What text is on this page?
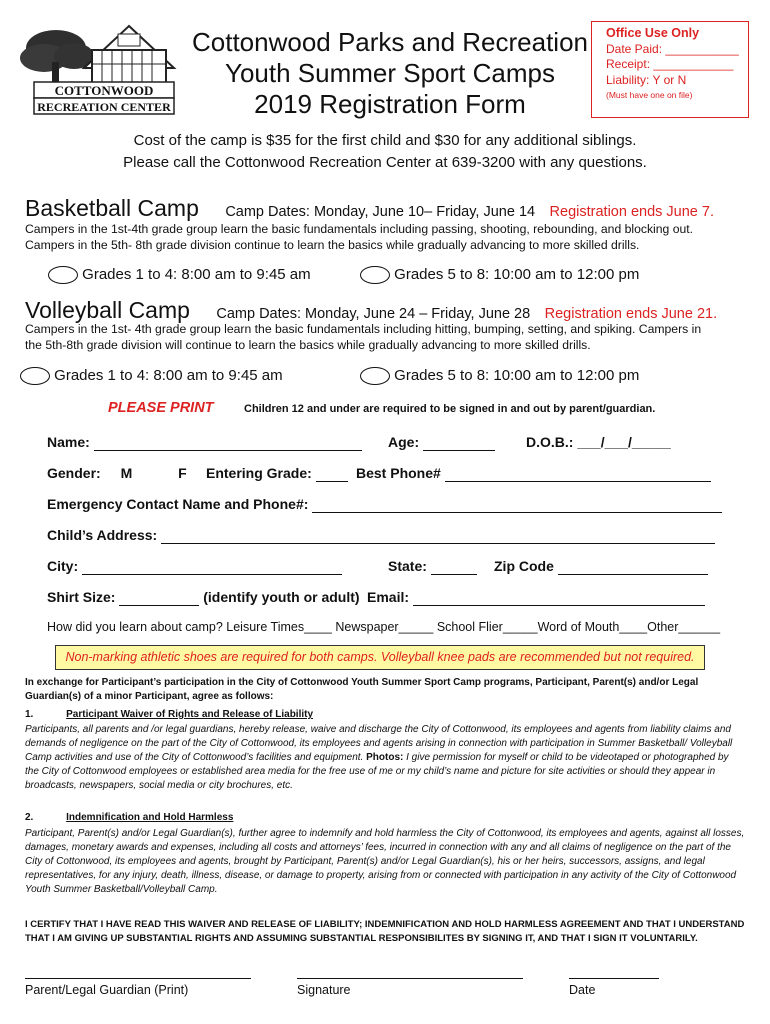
COTTONWOOD
RECREATION CENTER
Cottonwood Parks and Recreation
Youth Summer Sport Camps
2019 Registration Form
Office Use Only
Date Paid: ___________
Receipt: ____________
Liability: Y or N
(Must have one on file)
Cost of the camp is $35 for the first child and $30 for any additional siblings.
Please call the Cottonwood Recreation Center at 639-3200 with any questions.
Basketball Camp Camp Dates: Monday, June 10– Friday, June 14 Registration ends June 7.
Campers in the 1st-4th grade group learn the basic fundamentals including passing, shooting, rebounding, and blocking out.
Campers in the 5th- 8th grade division continue to learn the basics while gradually advancing to more skilled drills.
Grades 1 to 4: 8:00 am to 9:45 am	Grades 5 to 8: 10:00 am to 12:00 pm
Volleyball Camp Camp Dates: Monday, June 24 – Friday, June 28 Registration ends June 21.
Campers in the 1st- 4th grade group learn the basic fundamentals including hitting, bumping, setting, and spiking. Campers in
the 5th-8th grade division will continue to learn the basics while gradually advancing to more skilled drills.
Grades 1 to 4: 8:00 am to 9:45 am	Grades 5 to 8: 10:00 am to 12:00 pm
PLEASE PRINT	Children 12 and under are required to be signed in and out by parent/guardian.
Name:	Age:	D.O.B.: ___/___/_____
Gender: M	F Entering Grade:	Best Phone#
Emergency Contact Name and Phone#:
Child’s Address:
City:	State:	Zip Code
Shirt Size:	(identify youth or adult) Email:
How did you learn about camp? Leisure Times____ Newspaper_____ School Flier_____Word of Mouth____Other______
Non-marking athletic shoes are required for both camps. Volleyball knee pads are recommended but not required.
In exchange for Participant’s participation in the City of Cottonwood Youth Summer Sport Camp programs, Participant, Parent(s) and/or Legal Guardian(s) of a minor Participant, agree as follows:
1.	Participant Waiver of Rights and Release of Liability
Participants, all parents and /or legal guardians, hereby release, waive and discharge the City of Cottonwood, its employees and agents from liability claims and demands of negligence on the part of the City of Cottonwood, its employees and agents arising in connection with participation in Summer Basketball/ Volleyball Camp activities and use of the City of Cottonwood’s facilities and equipment. Photos: I give permission for myself or child to be videotaped or photographed by the City of Cottonwood employees or established area media for the free use of me or my child’s name and picture for site activities or should they appear in broadcasts, newspapers, social media or city brochures, etc.
2.	Indemnification and Hold Harmless
Participant, Parent(s) and/or Legal Guardian(s), further agree to indemnify and hold harmless the City of Cottonwood, its employees and agents, against all losses, damages, monetary awards and expenses, including all costs and attorneys’ fees, incurred in connection with any and all claims of negligence on the part of the City of Cottonwood, its employees and agents, brought by Participant, Parent(s) and/or Legal Guardian(s), his or her heirs, successors, assigns, and legal representatives, for any injury, death, illness, disease, or damage to property, arising from or connected with participation in any activity of the City of Cottonwood Youth Summer Basketball/Volleyball Camp.
I CERTIFY THAT I HAVE READ THIS WAIVER AND RELEASE OF LIABILITY; INDEMNIFICATION AND HOLD HARMLESS AGREEMENT AND THAT I UNDERSTAND THAT I AM GIVING UP SUBSTANTIAL RIGHTS AND ASSUMING SUBSTANTIAL RESPONSIBILITES BY SIGNING IT, AND THAT I SIGN IT VOLUNTARILY.
Parent/Legal Guardian (Print)	Signature	Date
